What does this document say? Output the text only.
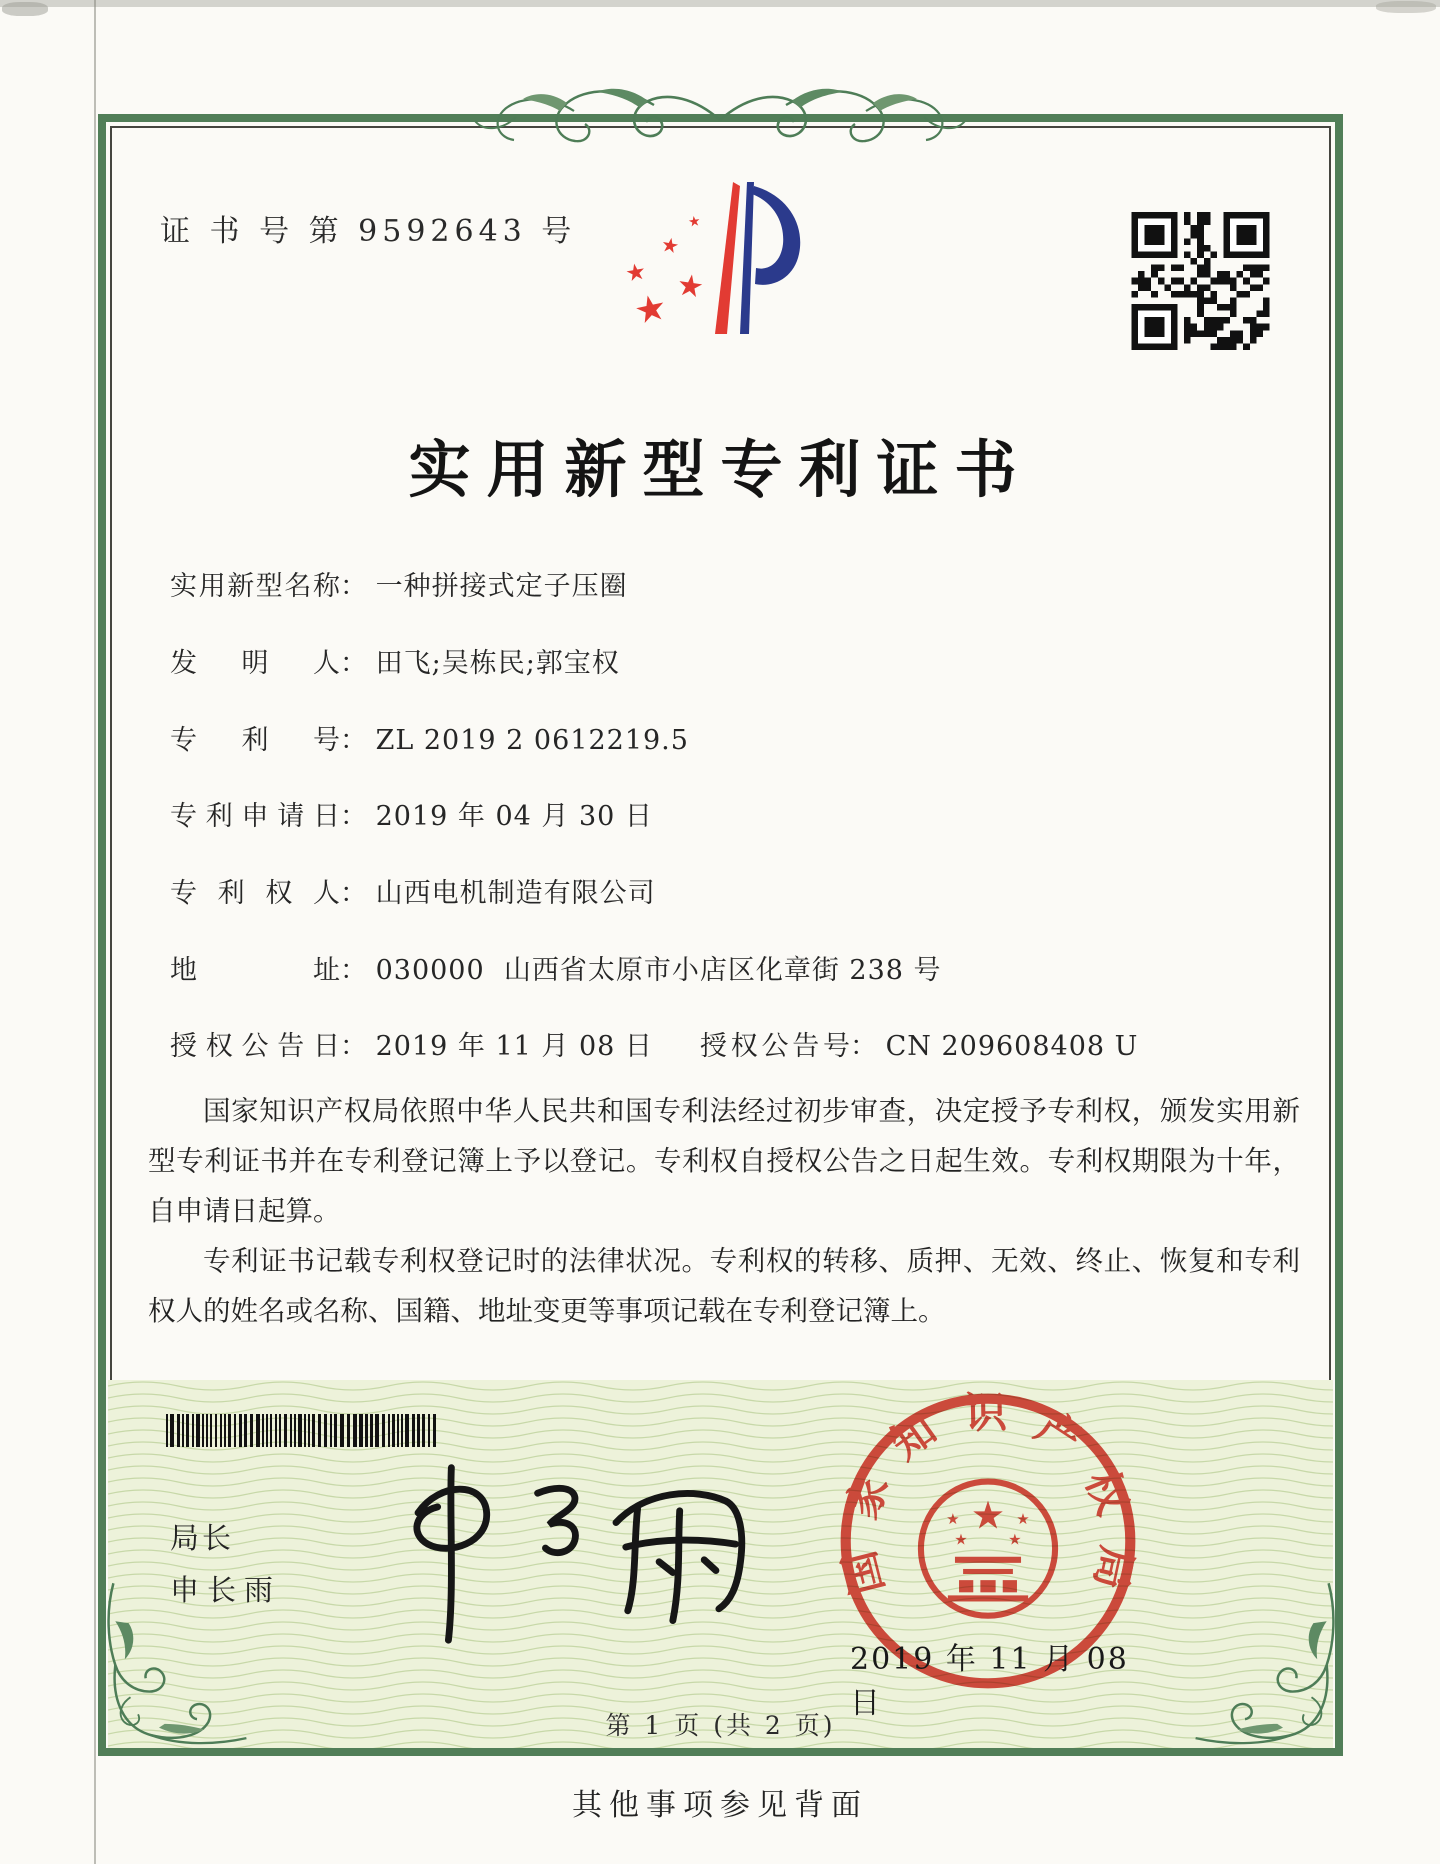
证 书 号 第 9592643 号
★ ★
★
★
★
实用新型专利证书
实用新型名称： 一种拼接式定子压圈
发明人： 田飞;吴栋民;郭宝权
专利号： ZL 2019 2 0612219.5
专利申请日： 2019 年 04 月 30 日
专利权人： 山西电机制造有限公司
地址： 030000  山西省太原市小店区化章街 238 号
授权公告日： 2019 年 11 月 08 日 授权公告号： CN 209608408 U

国家知识产权局依照中华人民共和国专利法经过初步审查，决定授予专利权，颁发实用新型专利证书并在专利登记簿上予以登记。专利权自授权公告之日起生效。专利权期限为十年，自申请日起算。

专利证书记载专利权登记时的法律状况。专利权的转移、质押、无效、终止、恢复和专利权人的姓名或名称、国籍、地址变更等事项记载在专利登记簿上。

局长
申长雨	国家知识产权局
★
★	★
★	★
2019 年 11 月 08 日
第 1 页 (共 2 页)
其他事项参见背面
